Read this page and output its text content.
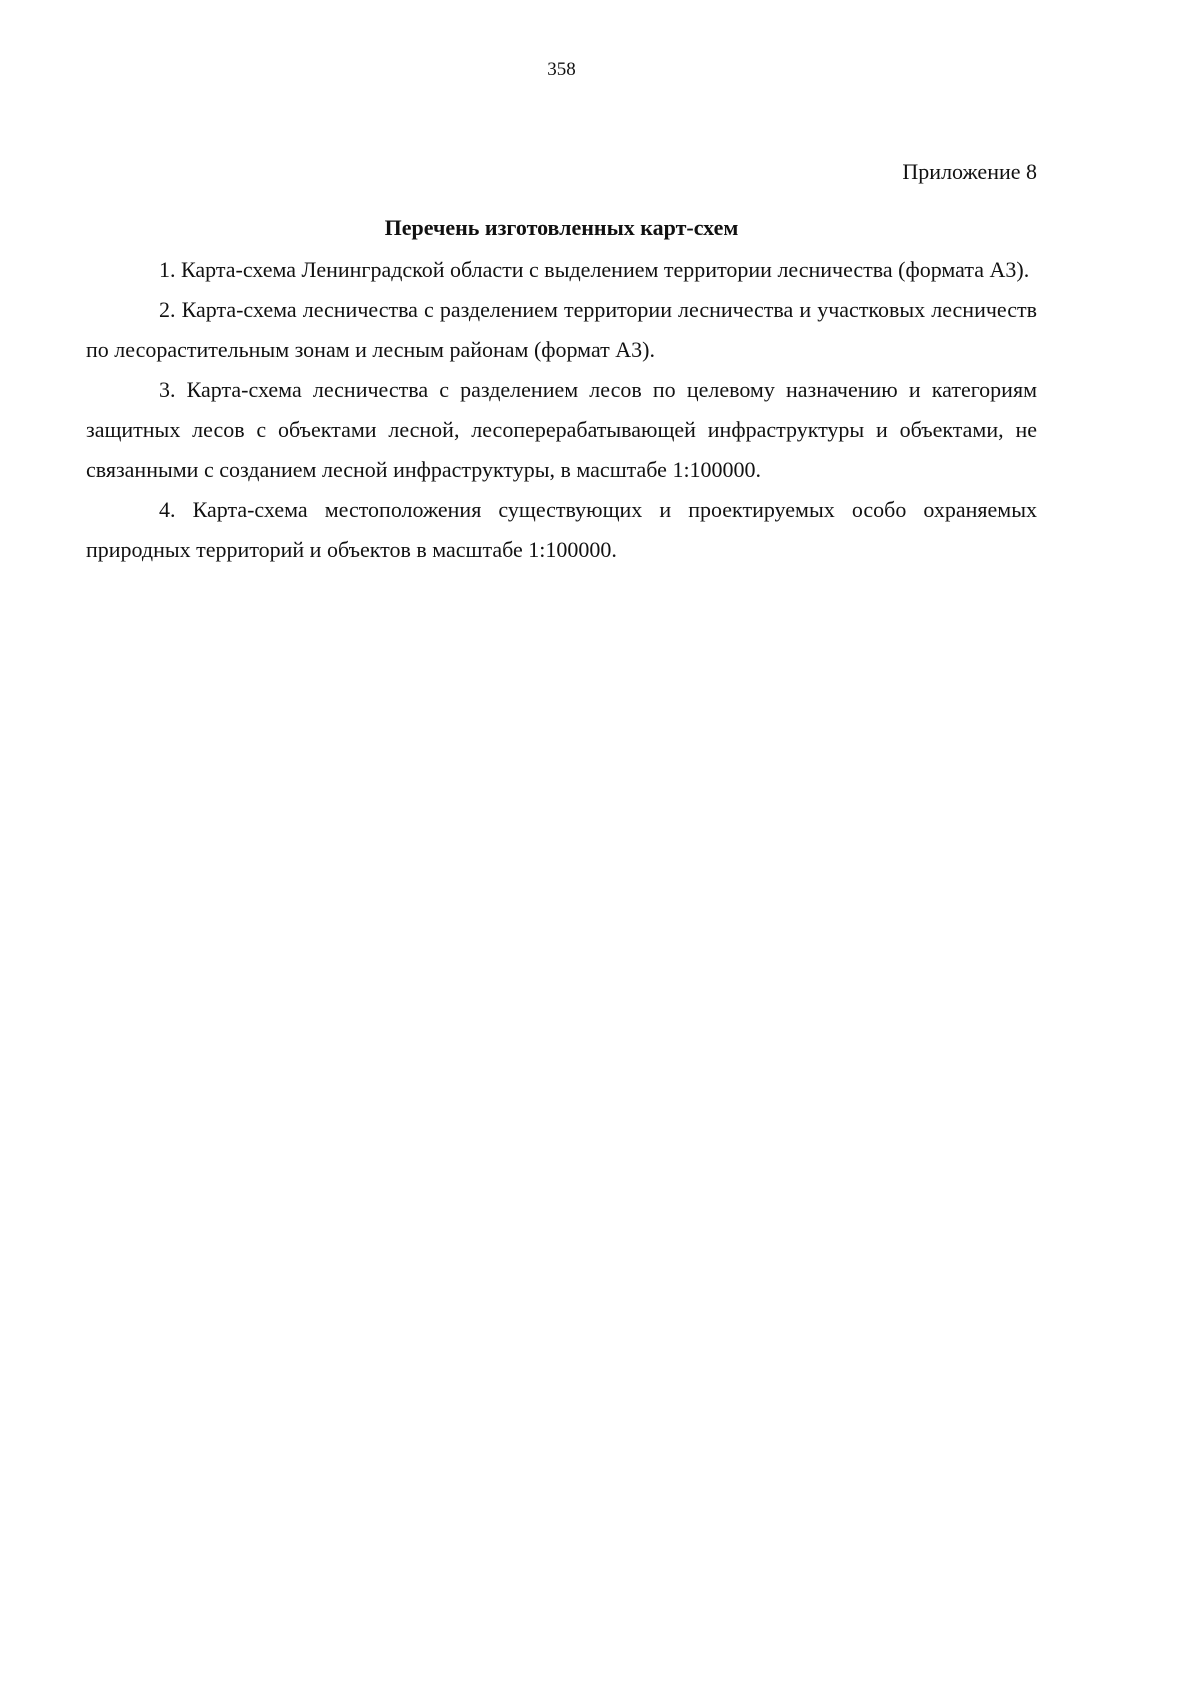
358
Приложение 8
Перечень изготовленных карт-схем
1. Карта-схема Ленинградской области с выделением территории лесничества (формата А3).
2. Карта-схема лесничества с разделением территории лесничества и участковых лесничеств по лесорастительным зонам и лесным районам (формат А3).
3. Карта-схема лесничества с разделением лесов по целевому назначению и категориям защитных лесов с объектами лесной, лесоперерабатывающей инфраструктуры и объектами, не связанными с созданием лесной инфраструктуры, в масштабе 1:100000.
4. Карта-схема местоположения существующих и проектируемых особо охраняемых природных территорий и объектов в масштабе 1:100000.
